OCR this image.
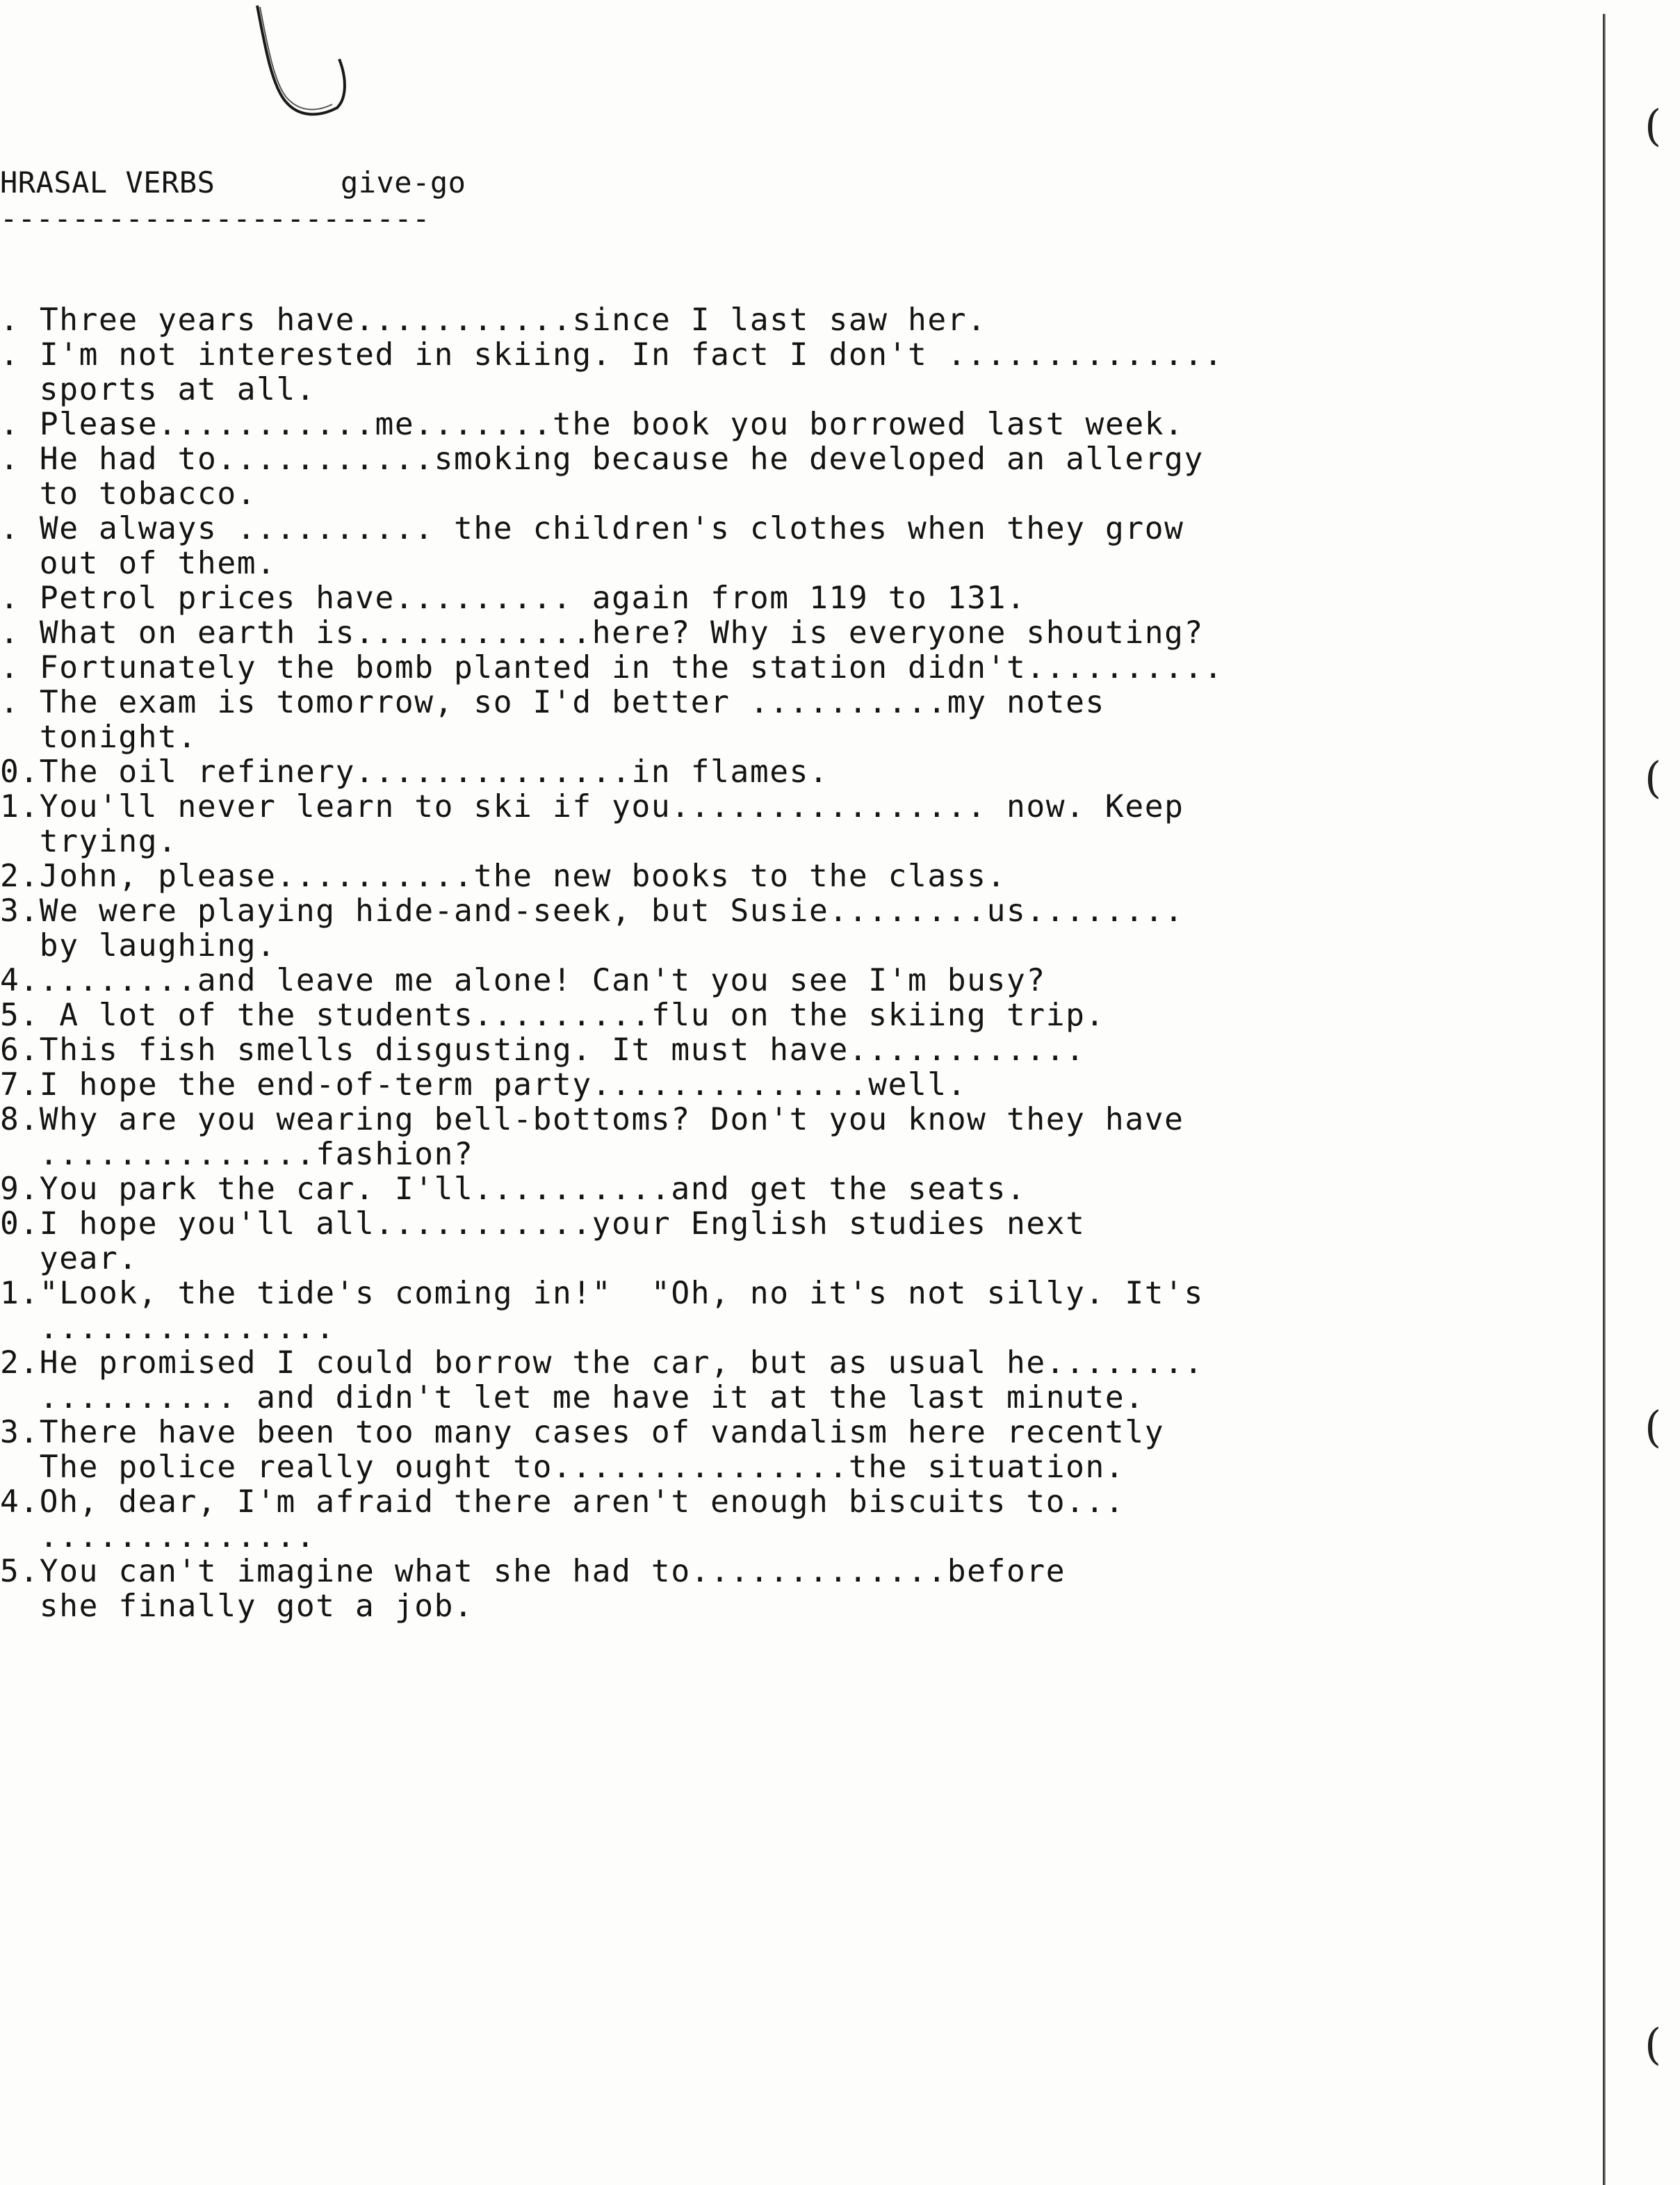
HRASAL VERBS	give-go
------------------------
. Three years have...........since I last saw her.
. I'm not interested in skiing. In fact I don't ..............
sports at all.
. Please...........me.......the book you borrowed last week.
. He had to...........smoking because he developed an allergy
to tobacco.
. We always .......... the children's clothes when they grow
out of them.
. Petrol prices have......... again from 119 to 131.
. What on earth is............here? Why is everyone shouting?
. Fortunately the bomb planted in the station didn't..........
. The exam is tomorrow, so I'd better ..........my notes
tonight.
0.The oil refinery..............in flames.
1.You'll never learn to ski if you................ now. Keep
trying.
2.John, please..........the new books to the class.
3.We were playing hide-and-seek, but Susie........us........
by laughing.
4.........and leave me alone! Can't you see I'm busy?
5. A lot of the students.........flu on the skiing trip.
6.This fish smells disgusting. It must have............
7.I hope the end-of-term party..............well.
8.Why are you wearing bell-bottoms? Don't you know they have
..............fashion?
9.You park the car. I'll..........and get the seats.
0.I hope you'll all...........your English studies next
year.
1."Look, the tide's coming in!"  "Oh, no it's not silly. It's
...............
2.He promised I could borrow the car, but as usual he........
.......... and didn't let me have it at the last minute.
3.There have been too many cases of vandalism here recently
The police really ought to...............the situation.
4.Oh, dear, I'm afraid there aren't enough biscuits to...
..............
5.You can't imagine what she had to.............before
she finally got a job.
(
(
(
(
